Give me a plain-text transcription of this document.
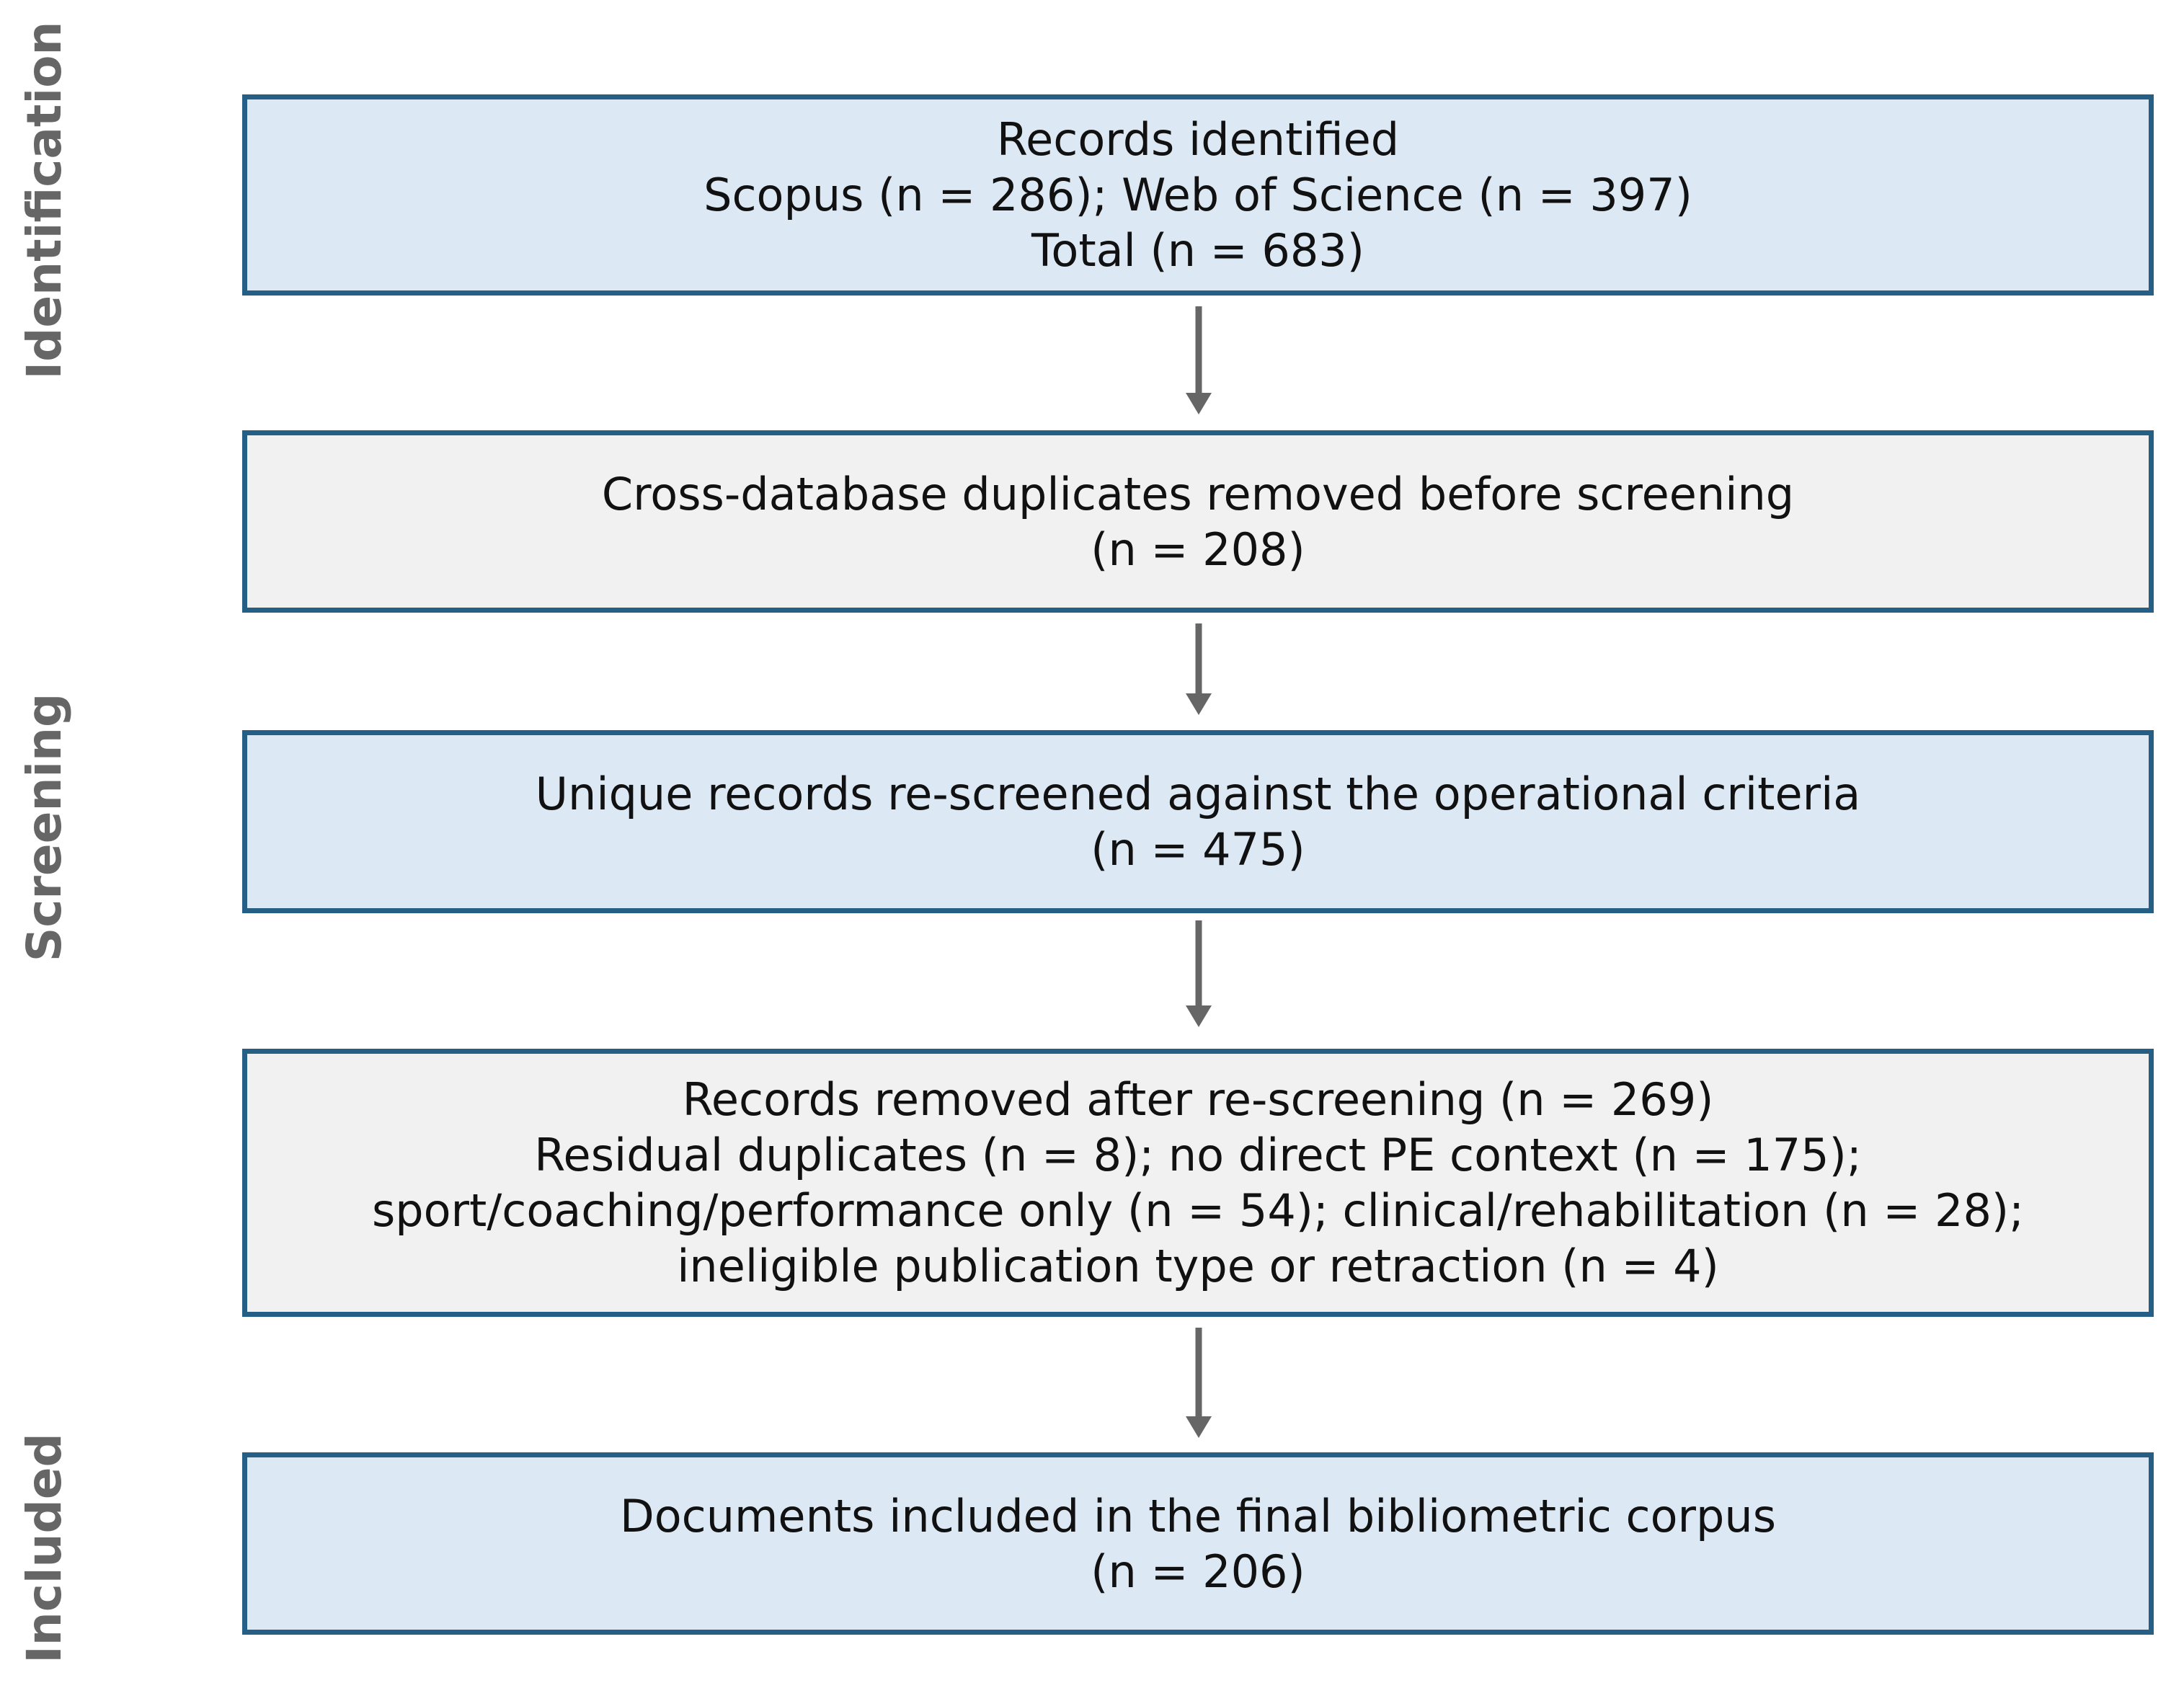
Identification
Screening
Included
Records identified
Scopus (n = 286); Web of Science (n = 397)
Total (n = 683)
Cross-database duplicates removed before screening
(n = 208)
Unique records re-screened against the operational criteria
(n = 475)
Records removed after re-screening (n = 269)
Residual duplicates (n = 8); no direct PE context (n = 175);
sport/coaching/performance only (n = 54); clinical/rehabilitation (n = 28);
ineligible publication type or retraction (n = 4)
Documents included in the final bibliometric corpus
(n = 206)
